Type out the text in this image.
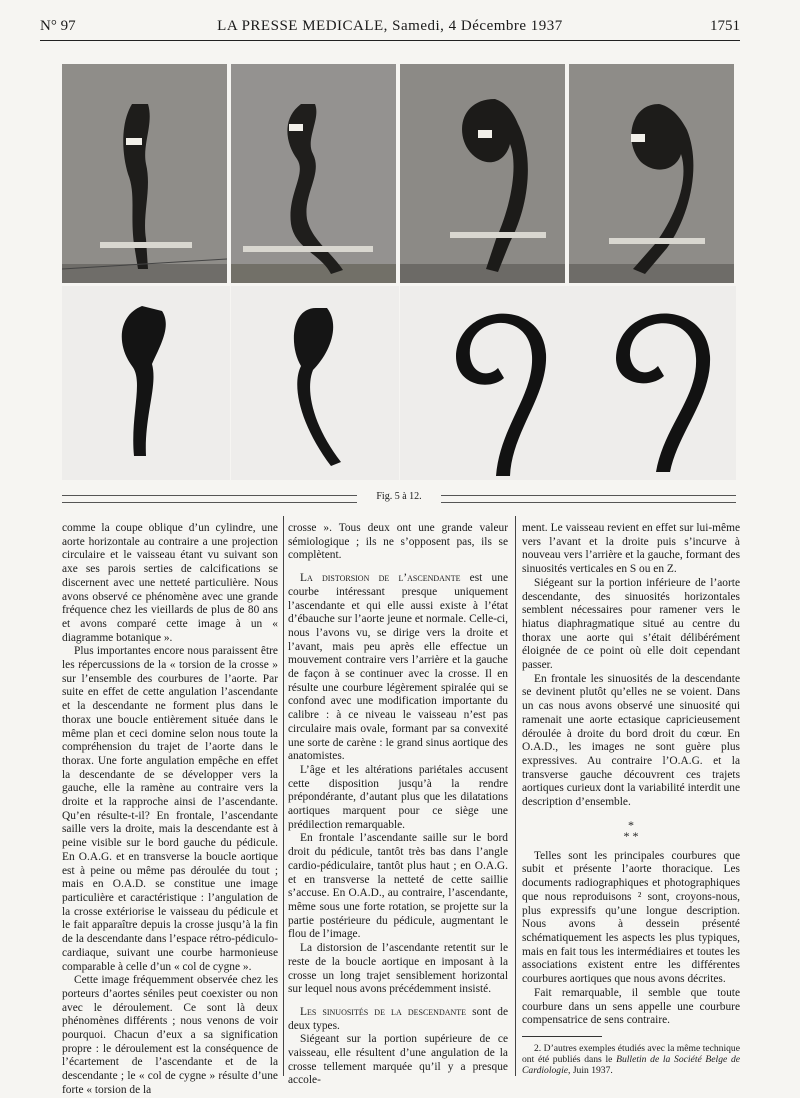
N° 97	LA PRESSE MEDICALE, Samedi, 4 Décembre 1937	1751
Fig. 5 à 12.

comme la coupe oblique d’un cylindre, une aorte horizontale au contraire a une projection circulaire et le vaisseau étant vu suivant son axe ses parois serties de calcifications se discernent avec une netteté particulière. Nous avons observé ce phénomène avec une grande fréquence chez les vieillards de plus de 80 ans et avons comparé cette image à un « diagramme botanique ».

Plus importantes encore nous paraissent être les répercussions de la « torsion de la crosse » sur l’ensemble des courbures de l’aorte. Par suite en effet de cette angulation l’ascendante et la descendante ne forment plus dans le thorax une boucle entièrement située dans le même plan et ceci domine selon nous toute la compréhension du trajet de l’aorte dans le thorax. Une forte angulation empêche en effet la descendante de se développer vers la gauche, elle la ramène au contraire vers la droite et la rapproche ainsi de l’ascendante. Qu’en résulte-t-il? En frontale, l’ascendante saille vers la droite, mais la descendante est à peine visible sur le bord gauche du pédicule. En O.A.G. et en transverse la boucle aortique est à peine ou même pas déroulée du tout ; mais en O.A.D. se constitue une image particulière et caractéristique : l’angulation de la crosse extériorise le vaisseau du pédicule et le fait apparaître depuis la crosse jusqu’à la fin de la descendante dans l’espace rétro-pédiculo-cardiaque, suivant une courbe harmonieuse comparable à celle d’un « col de cygne ».

Cette image fréquemment observée chez les porteurs d’aortes séniles peut coexister ou non avec le déroulement. Ce sont là deux phénomènes différents ; nous venons de voir pourquoi. Chacun d’eux a sa signification propre : le déroulement est la conséquence de l’écartement de l’ascendante et de la descendante ; le « col de cygne » résulte d’une forte « torsion de la

crosse ». Tous deux ont une grande valeur sémiologique ; ils ne s’opposent pas, ils se complètent.

La distorsion de l’ascendante est une courbe intéressant presque uniquement l’ascendante et qui elle aussi existe à l’état d’ébauche sur l’aorte jeune et normale. Celle-ci, nous l’avons vu, se dirige vers la droite et l’avant, mais peu après elle effectue un mouvement contraire vers l’arrière et la gauche de façon à se continuer avec la crosse. Il en résulte une courbure légèrement spiralée qui se confond avec une modification importante du calibre : à ce niveau le vaisseau n’est pas circulaire mais ovale, formant par sa convexité une sorte de carène : le grand sinus aortique des anatomistes.

L’âge et les altérations pariétales accusent cette disposition jusqu’à la rendre prépondérante, d’autant plus que les dilatations aortiques marquent pour ce siège une prédilection remarquable.

En frontale l’ascendante saille sur le bord droit du pédicule, tantôt très bas dans l’angle cardio-pédiculaire, tantôt plus haut ; en O.A.G. et en transverse la netteté de cette saillie s’accuse. En O.A.D., au contraire, l’ascendante, même sous une forte rotation, se projette sur la partie postérieure du pédicule, augmentant le flou de l’image.

La distorsion de l’ascendante retentit sur le reste de la boucle aortique en imposant à la crosse un long trajet sensiblement horizontal sur lequel nous avons précédemment insisté.

Les sinuosités de la descendante sont de deux types.

Siégeant sur la portion supérieure de ce vaisseau, elle résultent d’une angulation de la crosse tellement marquée qu’il y a presque accole-

ment. Le vaisseau revient en effet sur lui-même vers l’avant et la droite puis s’incurve à nouveau vers l’arrière et la gauche, formant des sinuosités verticales en S ou en Z.

Siégeant sur la portion inférieure de l’aorte descendante, des sinuosités horizontales semblent nécessaires pour ramener vers le hiatus diaphragmatique situé au centre du thorax une aorte qui s’était délibérément éloignée de ce point où elle doit cependant passer.

En frontale les sinuosités de la descendante se devinent plutôt qu’elles ne se voient. Dans un cas nous avons observé une sinuosité qui ramenait une aorte ectasique capricieusement déroulée à droite du bord droit du cœur. En O.A.D., les images ne sont guère plus expressives. Au contraire l’O.A.G. et la transverse gauche découvrent ces trajets aortiques curieux dont la variabilité interdit une description d’ensemble.

*
* *

Telles sont les principales courbures que subit et présente l’aorte thoracique. Les documents radiographiques et photographiques que nous reproduisons ² sont, croyons-nous, plus expressifs qu’une longue description. Nous avons à dessein présenté schématiquement les aspects les plus typiques, mais en fait tous les intermédiaires et toutes les associations existent entre les différentes courbures aortiques que nous avons décrites.

Fait remarquable, il semble que toute courbure dans un sens appelle une courbure compensatrice de sens contraire.

2. D’autres exemples étudiés avec la même technique ont été publiés dans le Bulletin de la Société Belge de Cardiologie, Juin 1937.
